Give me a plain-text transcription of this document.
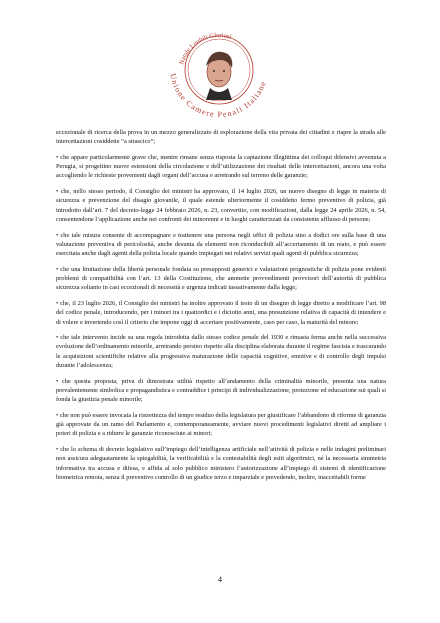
Natale Loubili Gloriosi
Unione Camere Penali Italiane

eccezionale di ricerca della prova in un mezzo generalizzato di esplorazione della vita privata dei cittadini e riapre la strada alle intercettazioni cosiddette “a strascico”;

• che appare particolarmente grave che, mentre rimane senza risposta la captazione illegittima dei colloqui difensivi avvenuta a Perugia, si progettino nuove estensioni della circolazione e dell’utilizzazione dei risultati delle intercettazioni, ancora una volta accogliendo le richieste provenienti dagli organi dell’accusa e arretrando sul terreno delle garanzie;

• che, nello stesso periodo, il Consiglio dei ministri ha approvato, il 14 luglio 2026, un nuovo disegno di legge in materia di sicurezza e prevenzione del disagio giovanile, il quale estende ulteriormente il cosiddetto fermo preventivo di polizia, già introdotto dall’art. 7 del decreto-legge 24 febbraio 2026, n. 23, convertito, con modificazioni, dalla legge 24 aprile 2026, n. 54, consentendone l’applicazione anche nei confronti dei minorenni e in luoghi caratterizzati da consistente afflusso di persone;

• che tale misura consente di accompagnare e trattenere una persona negli uffici di polizia sino a dodici ore sulla base di una valutazione preventiva di pericolosità, anche desunta da elementi non riconducibili all’accertamento di un reato, e può essere esercitata anche dagli agenti della polizia locale quando impiegati nei relativi servizi quali agenti di pubblica sicurezza;

• che una limitazione della libertà personale fondata su presupposti generici e valutazioni prognostiche di polizia pone evidenti problemi di compatibilità con l’art. 13 della Costituzione, che ammette provvedimenti provvisori dell’autorità di pubblica sicurezza soltanto in casi eccezionali di necessità e urgenza indicati tassativamente dalla legge;

• che, il 23 luglio 2026, il Consiglio dei ministri ha inoltre approvato il testo di un disegno di legge diretto a modificare l’art. 98 del codice penale, introducendo, per i minori tra i quattordici e i diciotto anni, una presunzione relativa di capacità di intendere e di volere e invertendo così il criterio che impone oggi di accertare positivamente, caso per caso, la maturità del minore;

• che tale intervento incide su una regola introdotta dallo stesso codice penale del 1930 e rimasta ferma anche nella successiva evoluzione dell’ordinamento minorile, arretrando persino rispetto alla disciplina elaborata durante il regime fascista e trascurando le acquisizioni scientifiche relative alla progressiva maturazione delle capacità cognitive, emotive e di controllo degli impulsi durante l’adolescenza;

• che questa proposta, priva di dimostrata utilità rispetto all’andamento della criminalità minorile, presenta una natura prevalentemente simbolica e propagandistica e contraddice i principi di individualizzazione, protezione ed educazione sui quali si fonda la giustizia penale minorile;

• che non può essere invocata la ristrettezza del tempo residuo della legislatura per giustificare l’abbandono di riforme di garanzia già approvate da un ramo del Parlamento e, contemporaneamente, avviare nuovi procedimenti legislativi diretti ad ampliare i poteri di polizia e a ridurre le garanzie riconosciute ai minori;

• che lo schema di decreto legislativo sull’impiego dell’intelligenza artificiale nell’attività di polizia e nelle indagini preliminari non assicura adeguatamente la spiegabilità, la verificabilità e la contestabilità degli esiti algoritmici, né la necessaria simmetria informativa tra accusa e difesa, e affida al solo pubblico ministero l’autorizzazione all’impiego di sistemi di identificazione biometrica remota, senza il preventivo controllo di un giudice terzo e imparziale e prevedendo, inoltre, inaccettabili forme

4
